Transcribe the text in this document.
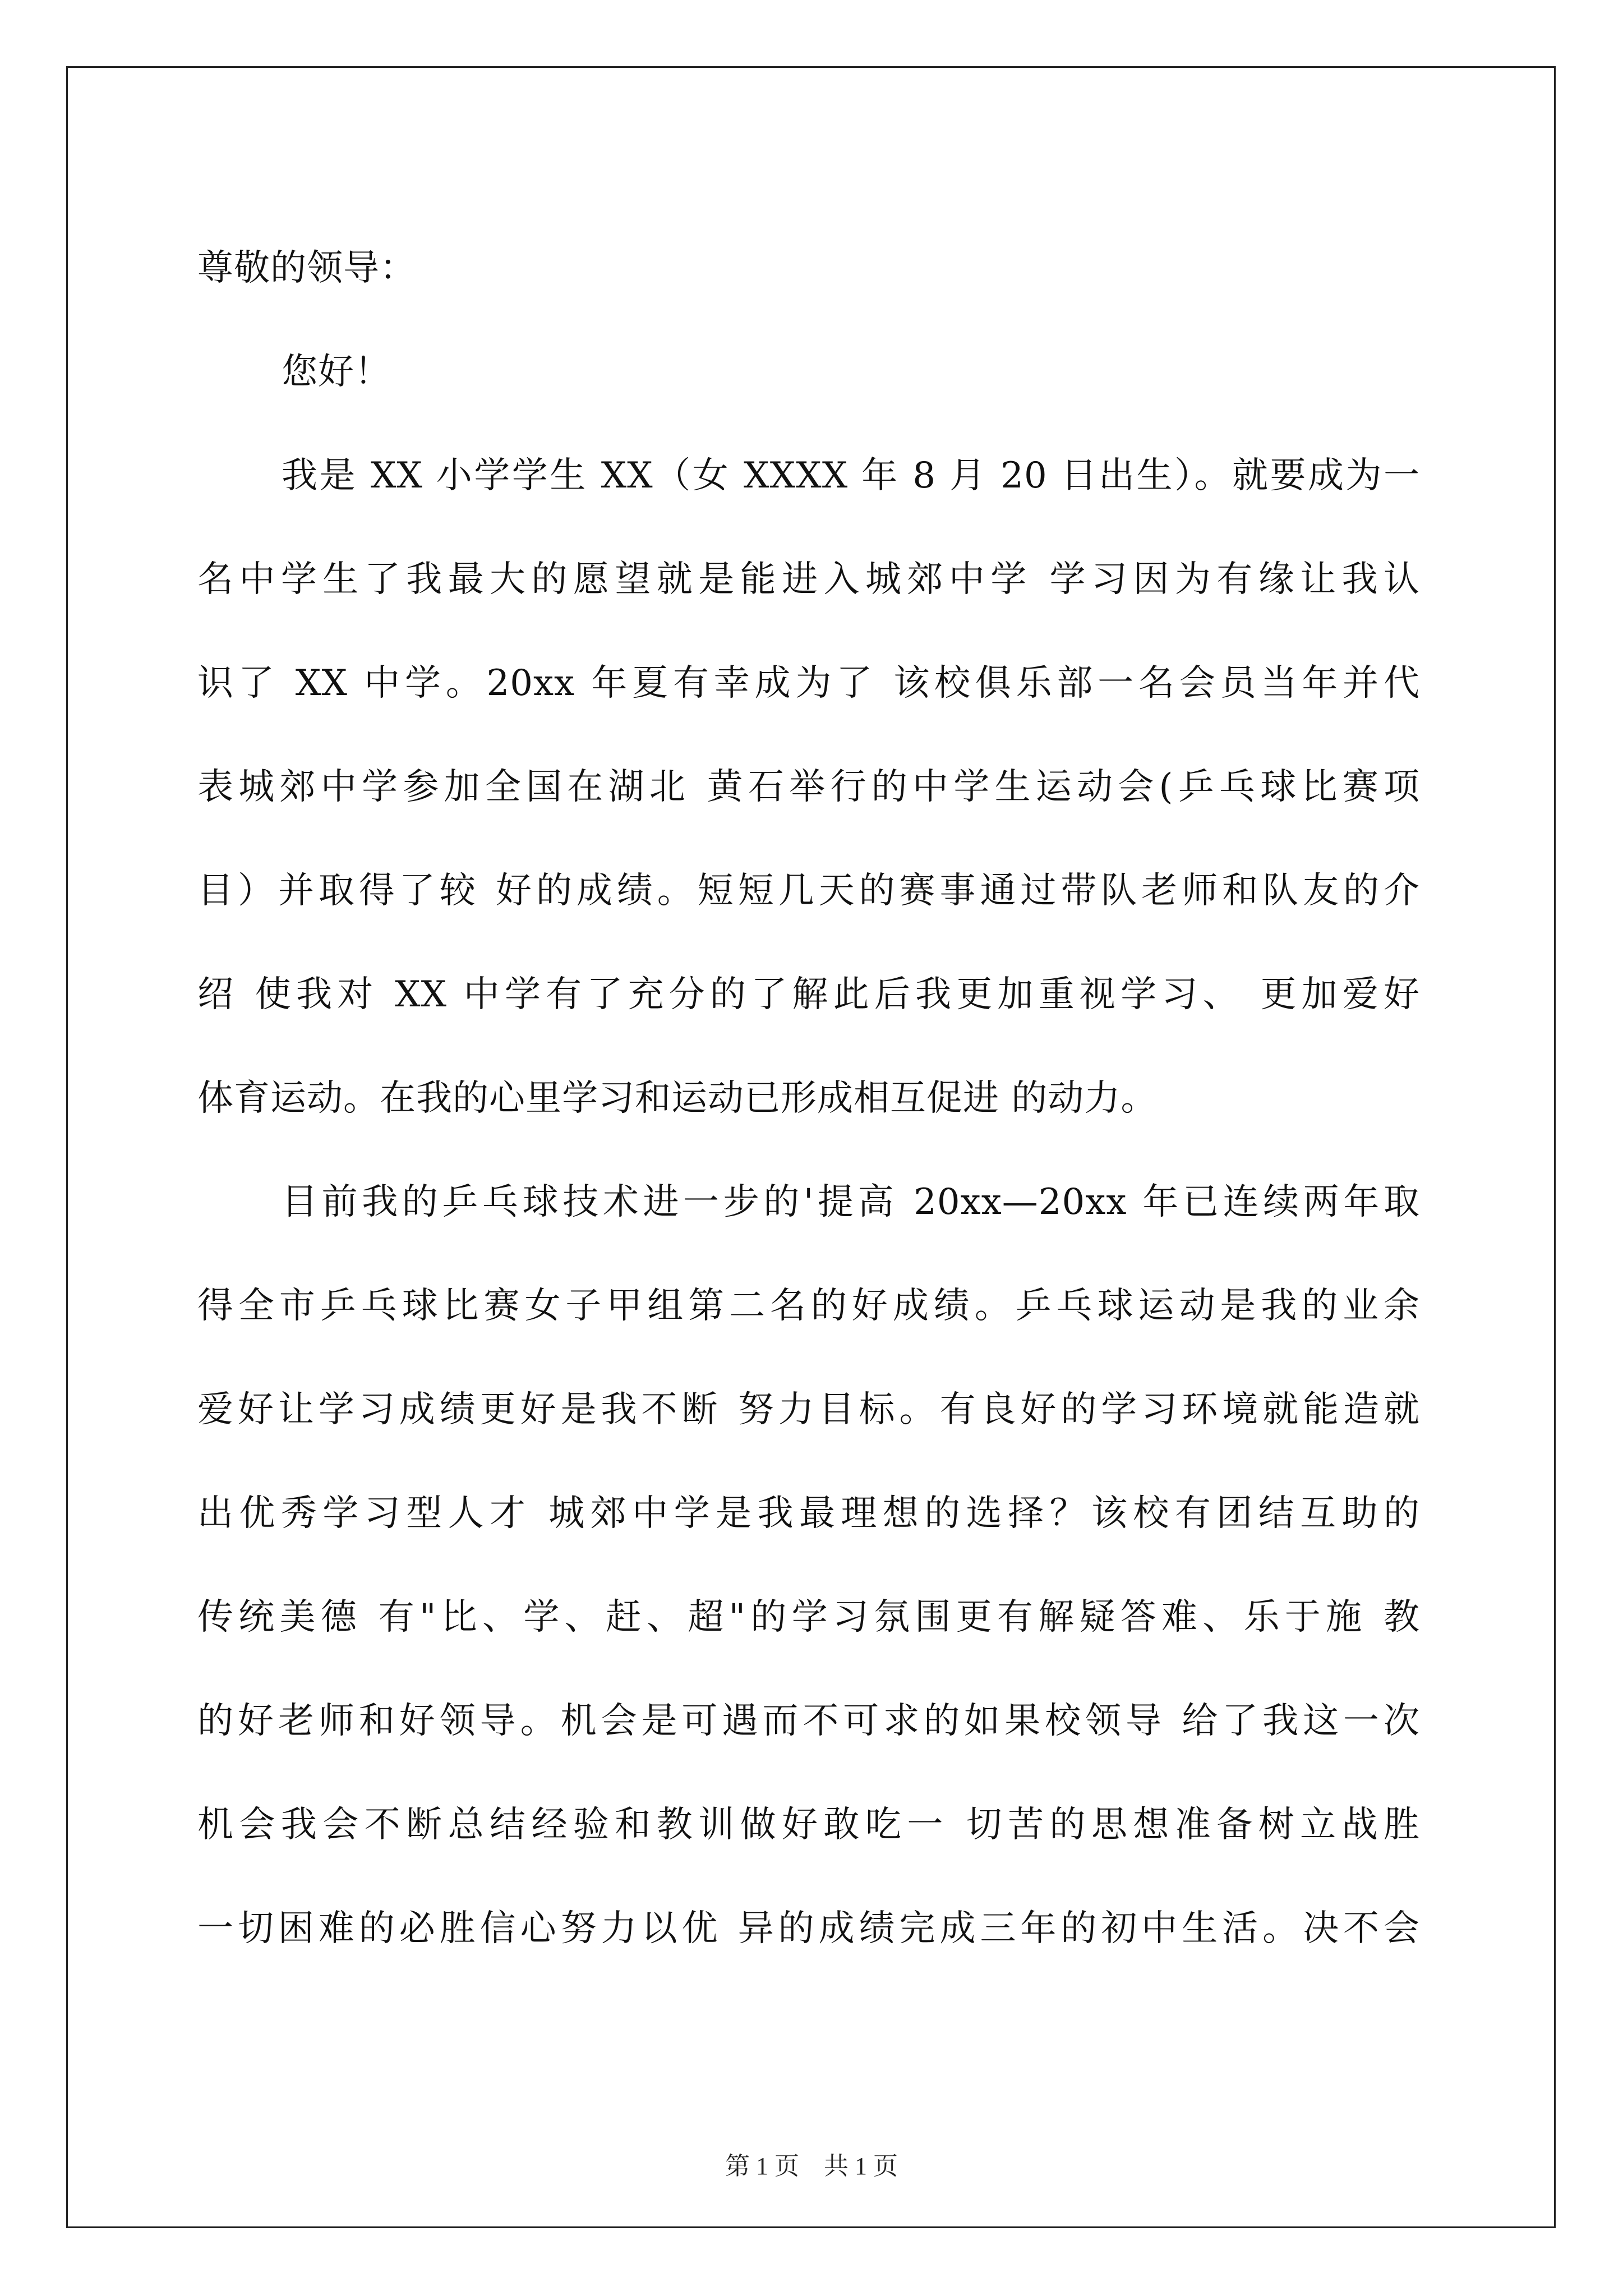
尊敬的领导：
您好！
我是 XX 小学学生 XX（女 XXXX 年 8 月 20 日出生）。就要成为一
名中学生了我最大的愿望就是能进入城郊中学 学习因为有缘让我认
识了 XX 中学。20xx 年夏有幸成为了 该校俱乐部一名会员当年并代
表城郊中学参加全国在湖北 黄石举行的中学生运动会(乒乓球比赛项
目）并取得了较 好的成绩。短短几天的赛事通过带队老师和队友的介
绍 使我对 XX 中学有了充分的了解此后我更加重视学习、 更加爱好
体育运动。在我的心里学习和运动已形成相互促进 的动力。
目前我的乒乓球技术进一步的'提高 20xx—20xx 年已连续两年取
得全市乒乓球比赛女子甲组第二名的好成绩。乒乓球运动是我的业余
爱好让学习成绩更好是我不断 努力目标。有良好的学习环境就能造就
出优秀学习型人才 城郊中学是我最理想的选择？该校有团结互助的
传统美德 有"比、学、赶、超"的学习氛围更有解疑答难、乐于施 教
的好老师和好领导。机会是可遇而不可求的如果校领导 给了我这一次
机会我会不断总结经验和教训做好敢吃一 切苦的思想准备树立战胜
一切困难的必胜信心努力以优 异的成绩完成三年的初中生活。决不会
第 1 页　共 1 页
